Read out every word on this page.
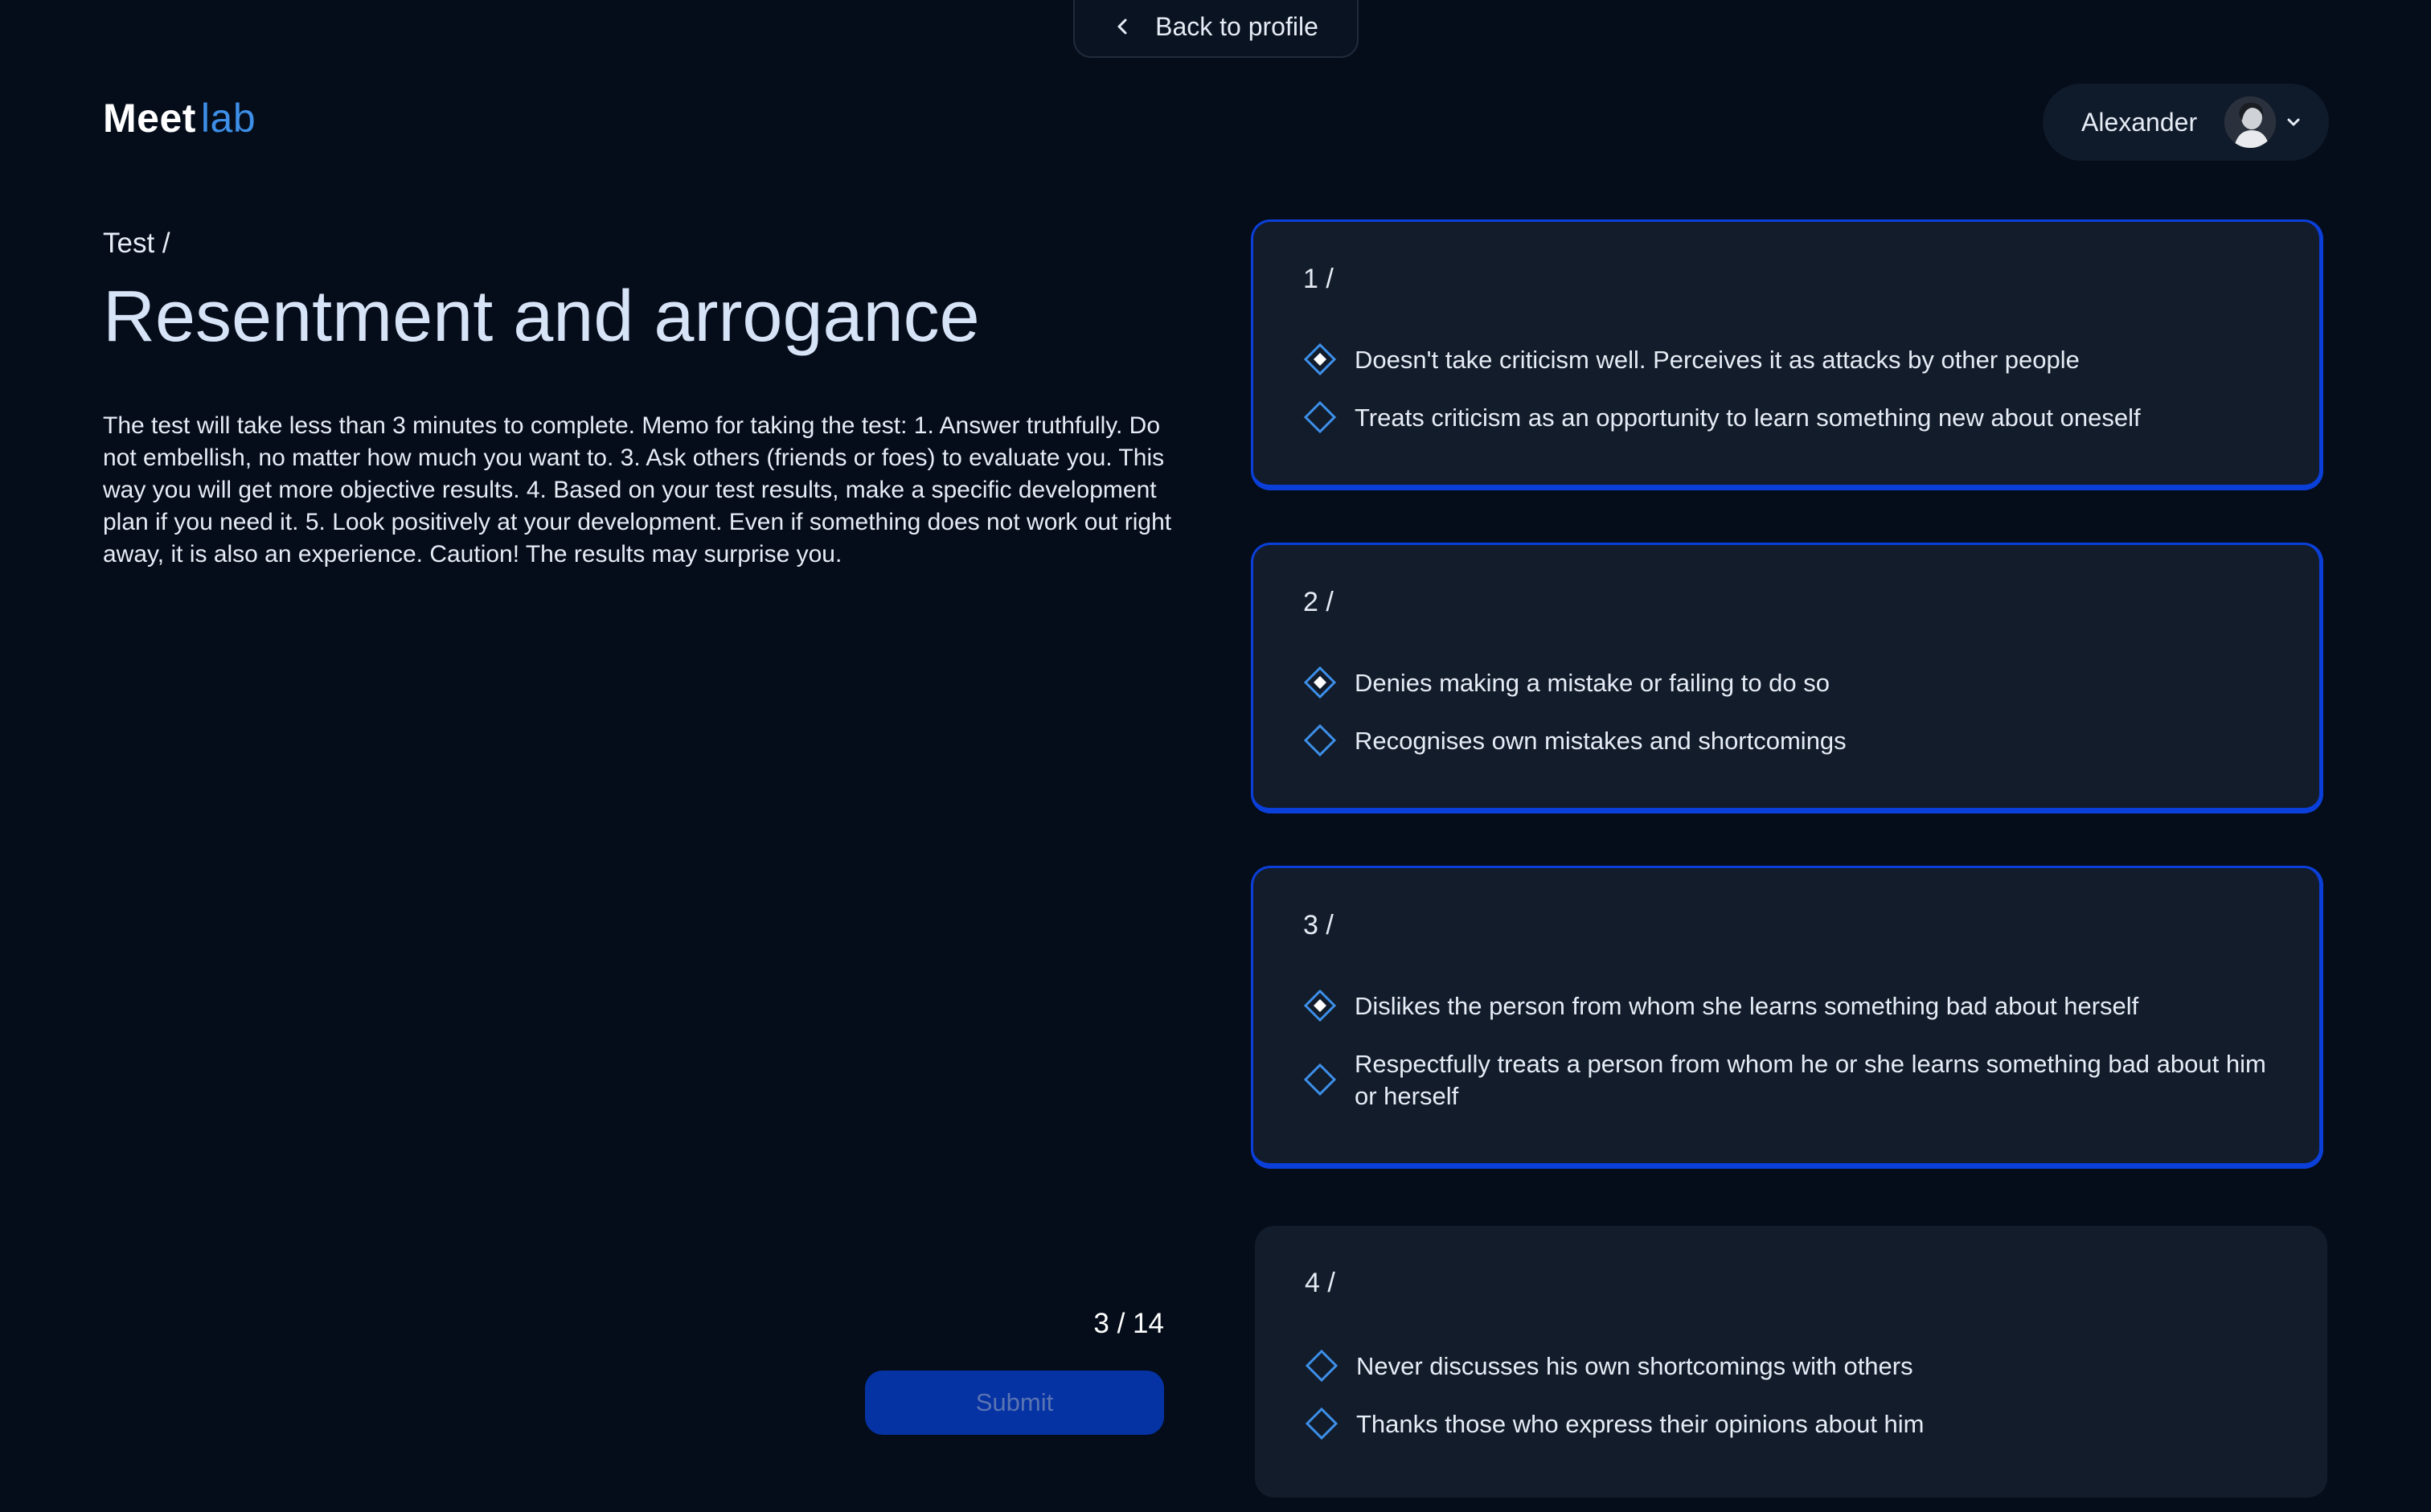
Back to profile
Meet lab	Alexander
Test /
Resentment and arrogance

The test will take less than 3 minutes to complete. Memo for taking the test: 1. Answer truthfully. Do not embellish, no matter how much you want to. 3. Ask others (friends or foes) to evaluate you. This way you will get more objective results. 4. Based on your test results, make a specific development plan if you need it. 5. Look positively at your development. Even if something does not work out right away, it is also an experience. Caution! The results may surprise you.

3 / 14
Submit
1 /
Doesn't take criticism well. Perceives it as attacks by other people
Treats criticism as an opportunity to learn something new about oneself
2 /
Denies making a mistake or failing to do so
Recognises own mistakes and shortcomings
3 /
Dislikes the person from whom she learns something bad about herself
Respectfully treats a person from whom he or she learns something bad about him or herself
4 /
Never discusses his own shortcomings with others
Thanks those who express their opinions about him
